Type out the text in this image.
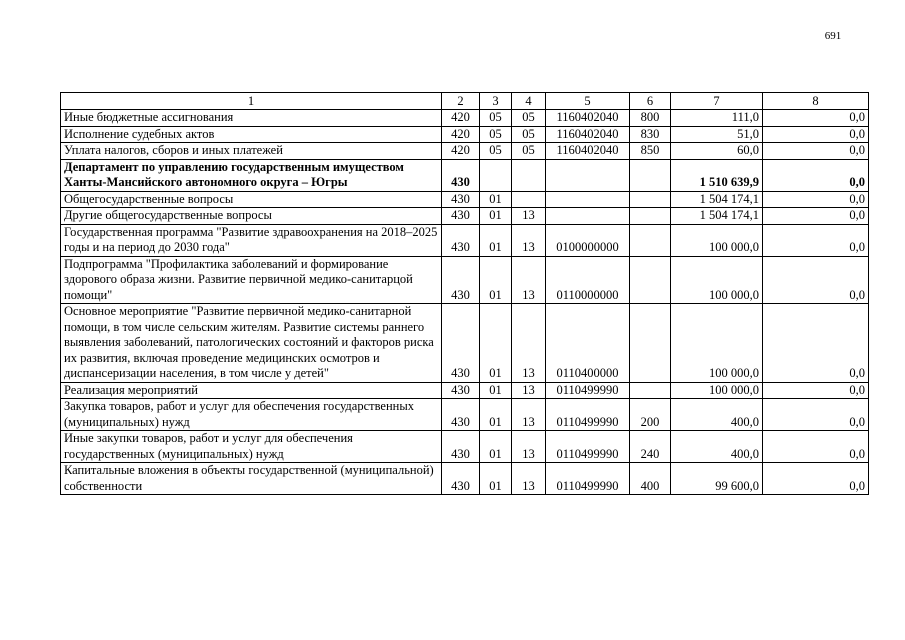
691
1	2	3	4	5	6	7	8
Иные бюджетные ассигнования	420	05	05	1160402040	800	111,0	0,0
Исполнение судебных актов	420	05	05	1160402040	830	51,0	0,0
Уплата налогов, сборов и иных платежей	420	05	05	1160402040	850	60,0	0,0
Департамент по управлению государственным имуществом Ханты-Мансийского автономного округа – Югры	430					1 510 639,9	0,0
Общегосударственные вопросы	430	01				1 504 174,1	0,0
Другие общегосударственные вопросы	430	01	13			1 504 174,1	0,0
Государственная программа "Развитие здравоохранения на 2018–2025 годы и на период до 2030 года"	430	01	13	0100000000		100 000,0	0,0
Подпрограмма "Профилактика заболеваний и формирование здорового образа жизни. Развитие первичной медико-санитарцой помощи"	430	01	13	0110000000		100 000,0	0,0
Основное мероприятие "Развитие первичной медико-санитарной помощи, в том числе сельским жителям. Развитие системы раннего выявления заболеваний, патологических состояний и факторов риска их развития, включая проведение медицинских осмотров и диспансеризации населения, в том числе у детей"	430	01	13	0110400000		100 000,0	0,0
Реализация мероприятий	430	01	13	0110499990		100 000,0	0,0
Закупка товаров, работ и услуг для обеспечения государственных (муниципальных) нужд	430	01	13	0110499990	200	400,0	0,0
Иные закупки товаров, работ и услуг для обеспечения государственных (муниципальных) нужд	430	01	13	0110499990	240	400,0	0,0
Капитальные вложения в объекты государственной (муниципальной) собственности	430	01	13	0110499990	400	99 600,0	0,0
